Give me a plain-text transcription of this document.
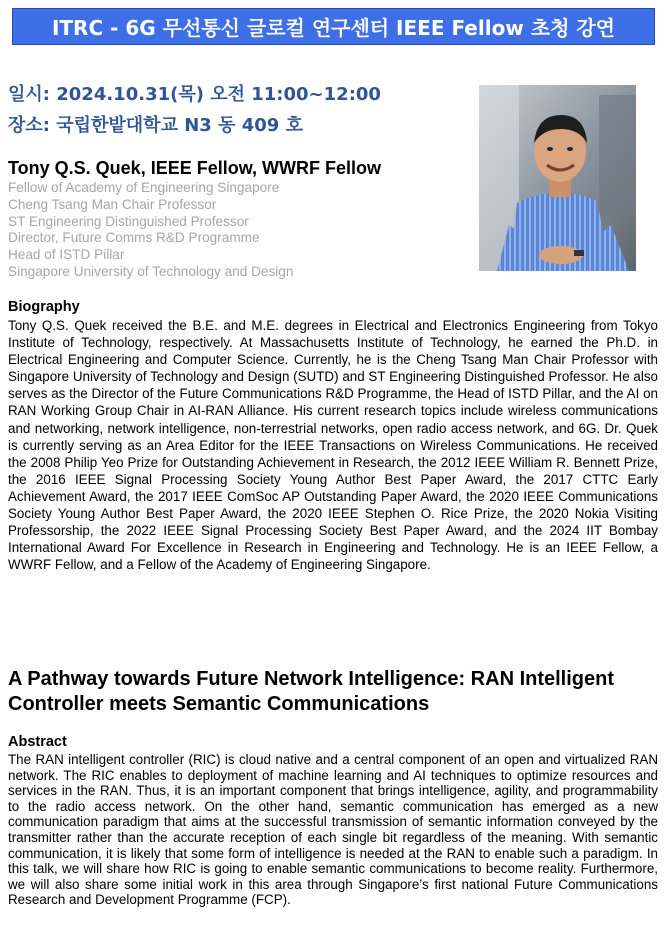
ITRC - 6G 무선통신 글로컬 연구센터 IEEE Fellow 초청 강연
일시: 2024.10.31(목) 오전 11:00~12:00
장소: 국립한밭대학교 N3 동 409 호
Tony Q.S. Quek, IEEE Fellow, WWRF Fellow
Fellow of Academy of Engineering Singapore
Cheng Tsang Man Chair Professor
ST Engineering Distinguished Professor
Director, Future Comms R&D Programme
Head of ISTD Pillar
Singapore University of Technology and Design
Biography
Tony Q.S. Quek received the B.E. and M.E. degrees in Electrical and Electronics Engineering from Tokyo Institute of Technology, respectively. At Massachusetts Institute of Technology, he earned the Ph.D. in Electrical Engineering and Computer Science. Currently, he is the Cheng Tsang Man Chair Professor with Singapore University of Technology and Design (SUTD) and ST Engineering Distinguished Professor. He also serves as the Director of the Future Communications R&D Programme, the Head of ISTD Pillar, and the AI on RAN Working Group Chair in AI-RAN Alliance. His current research topics include wireless communications and networking, network intelligence, non-terrestrial networks, open radio access network, and 6G. Dr. Quek is currently serving as an Area Editor for the IEEE Transactions on Wireless Communications. He received the 2008 Philip Yeo Prize for Outstanding Achievement in Research, the 2012 IEEE William R. Bennett Prize, the 2016 IEEE Signal Processing Society Young Author Best Paper Award, the 2017 CTTC Early Achievement Award, the 2017 IEEE ComSoc AP Outstanding Paper Award, the 2020 IEEE Communications Society Young Author Best Paper Award, the 2020 IEEE Stephen O. Rice Prize, the 2020 Nokia Visiting Professorship, the 2022 IEEE Signal Processing Society Best Paper Award, and the 2024 IIT Bombay International Award For Excellence in Research in Engineering and Technology. He is an IEEE Fellow, a WWRF Fellow, and a Fellow of the Academy of Engineering Singapore.
A Pathway towards Future Network Intelligence: RAN Intelligent Controller meets Semantic Communications
Abstract
The RAN intelligent controller (RIC) is cloud native and a central component of an open and virtualized RAN network. The RIC enables to deployment of machine learning and AI techniques to optimize resources and services in the RAN. Thus, it is an important component that brings intelligence, agility, and programmability to the radio access network. On the other hand, semantic communication has emerged as a new communication paradigm that aims at the successful transmission of semantic information conveyed by the transmitter rather than the accurate reception of each single bit regardless of the meaning. With semantic communication, it is likely that some form of intelligence is needed at the RAN to enable such a paradigm. In this talk, we will share how RIC is going to enable semantic communications to become reality. Furthermore, we will also share some initial work in this area through Singapore’s first national Future Communications Research and Development Programme (FCP).
